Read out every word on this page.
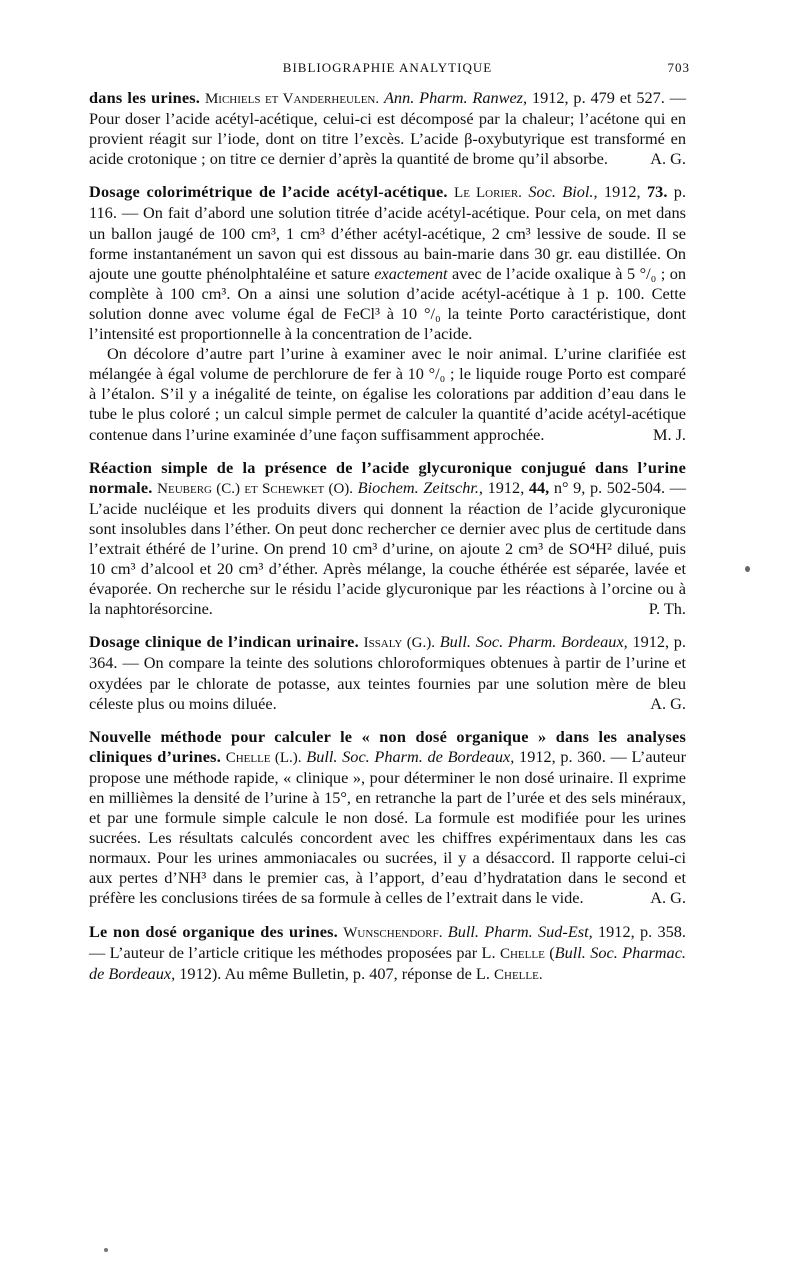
BIBLIOGRAPHIE ANALYTIQUE	703

dans les urines. Michiels et Vanderheulen. Ann. Pharm. Ranwez, 1912, p. 479 et 527. — Pour doser l’acide acétyl-acétique, celui-ci est décomposé par la chaleur; l’acétone qui en provient réagit sur l’iode, dont on titre l’excès. L’acide β-oxybutyrique est transformé en acide crotonique ; on titre ce dernier d’après la quantité de brome qu’il absorbe.	A. G.

Dosage colorimétrique de l’acide acétyl-acétique. Le Lorier. Soc. Biol., 1912, 73. p. 116. — On fait d’abord une solution titrée d’acide acétyl-acétique. Pour cela, on met dans un ballon jaugé de 100 cm³, 1 cm³ d’éther acétyl-acétique, 2 cm³ lessive de soude. Il se forme instantanément un savon qui est dissous au bain-marie dans 30 gr. eau distillée. On ajoute une goutte phénolphtaléine et sature exactement avec de l’acide oxalique à 5 °/₀ ; on complète à 100 cm³. On a ainsi une solution d’acide acétyl-acétique à 1 p. 100. Cette solution donne avec volume égal de FeCl³ à 10 °/₀ la teinte Porto caractéristique, dont l’intensité est proportionnelle à la concentration de l’acide.

On décolore d’autre part l’urine à examiner avec le noir animal. L’urine clarifiée est mélangée à égal volume de perchlorure de fer à 10 °/₀ ; le liquide rouge Porto est comparé à l’étalon. S’il y a inégalité de teinte, on égalise les colorations par addition d’eau dans le tube le plus coloré ; un calcul simple permet de calculer la quantité d’acide acétyl-acétique contenue dans l’urine examinée d’une façon suffisamment approchée.	M. J.

Réaction simple de la présence de l’acide glycuronique conjugué dans l’urine normale. Neuberg (C.) et Schewket (O). Biochem. Zeitschr., 1912, 44, n° 9, p. 502-504. — L’acide nucléique et les produits divers qui donnent la réaction de l’acide glycuronique sont insolubles dans l’éther. On peut donc rechercher ce dernier avec plus de certitude dans l’extrait éthéré de l’urine. On prend 10 cm³ d’urine, on ajoute 2 cm³ de SO⁴H² dilué, puis 10 cm³ d’alcool et 20 cm³ d’éther. Après mélange, la couche éthérée est séparée, lavée et évaporée. On recherche sur le résidu l’acide glycuronique par les réactions à l’orcine ou à la naphtorésorcine.	P. Th.

Dosage clinique de l’indican urinaire. Issaly (G.). Bull. Soc. Pharm. Bordeaux, 1912, p. 364. — On compare la teinte des solutions chloroformiques obtenues à partir de l’urine et oxydées par le chlorate de potasse, aux teintes fournies par une solution mère de bleu céleste plus ou moins diluée.	A. G.

Nouvelle méthode pour calculer le « non dosé organique » dans les analyses cliniques d’urines. Chelle (L.). Bull. Soc. Pharm. de Bordeaux, 1912, p. 360. — L’auteur propose une méthode rapide, « clinique », pour déterminer le non dosé urinaire. Il exprime en millièmes la densité de l’urine à 15°, en retranche la part de l’urée et des sels minéraux, et par une formule simple calcule le non dosé. La formule est modifiée pour les urines sucrées. Les résultats calculés concordent avec les chiffres expérimentaux dans les cas normaux. Pour les urines ammoniacales ou sucrées, il y a désaccord. Il rapporte celui-ci aux pertes d’NH³ dans le premier cas, à l’apport, d’eau d’hydratation dans le second et préfère les conclusions tirées de sa formule à celles de l’extrait dans le vide.	A. G.

Le non dosé organique des urines. Wunschendorf. Bull. Pharm. Sud-Est, 1912, p. 358. — L’auteur de l’article critique les méthodes proposées par L. Chelle (Bull. Soc. Pharmac. de Bordeaux, 1912). Au même Bulletin, p. 407, réponse de L. Chelle.
